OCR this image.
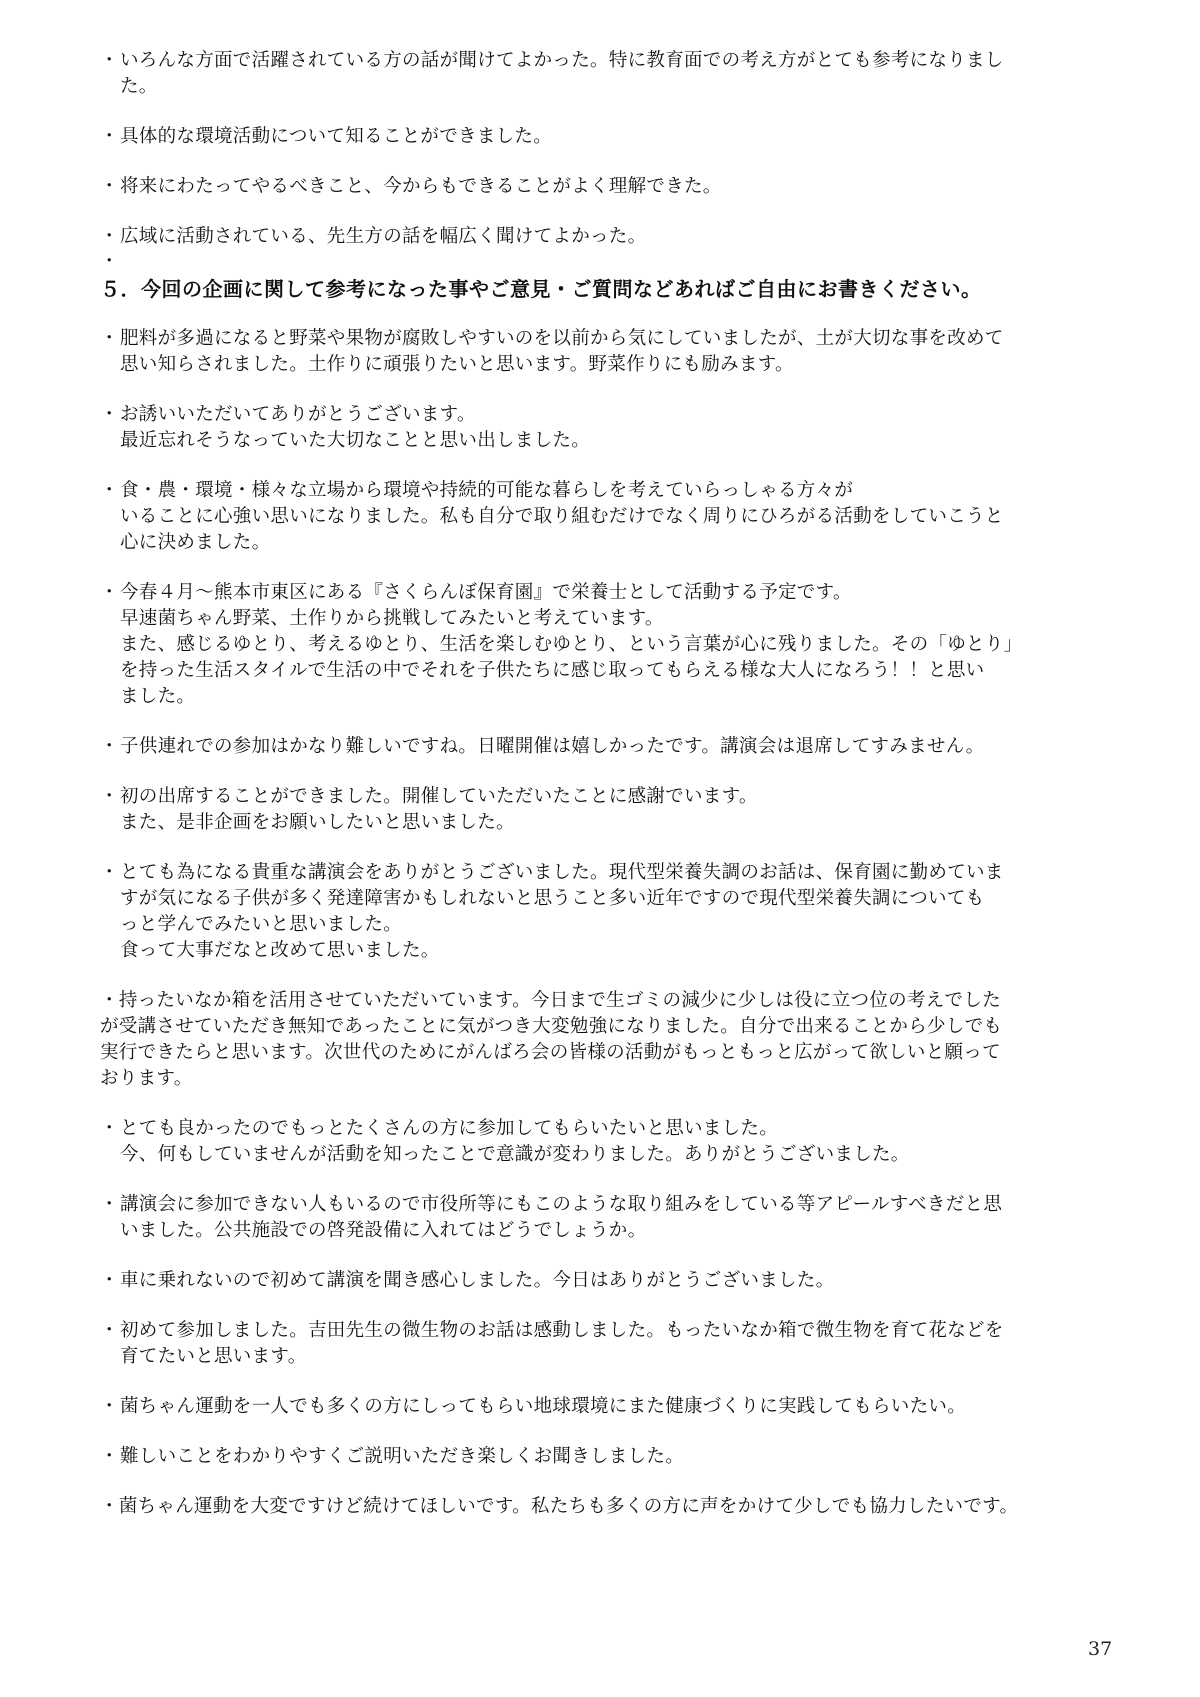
・ いろんな方面で活躍されている方の話が聞けてよかった。特に教育面での考え方がとても参考になりまし
た。
・ 具体的な環境活動について知ることができました。
・ 将来にわたってやるべきこと、今からもできることがよく理解できた。
・ 広域に活動されている、先生方の話を幅広く聞けてよかった。
・
５．今回の企画に関して参考になった事やご意見・ご質問などあればご自由にお書きください。
・ 肥料が多過になると野菜や果物が腐敗しやすいのを以前から気にしていましたが、土が大切な事を改めて
思い知らされました。土作りに頑張りたいと思います。野菜作りにも励みます。
・ お誘いいただいてありがとうございます。
最近忘れそうなっていた大切なことと思い出しました。
・ 食・農・環境・様々な立場から環境や持続的可能な暮らしを考えていらっしゃる方々が
いることに心強い思いになりました。私も自分で取り組むだけでなく周りにひろがる活動をしていこうと
心に決めました。
・ 今春４月～熊本市東区にある『さくらんぼ保育園』で栄養士として活動する予定です。
早速菌ちゃん野菜、土作りから挑戦してみたいと考えています。
また、感じるゆとり、考えるゆとり、生活を楽しむゆとり、という言葉が心に残りました。その「ゆとり」
を持った生活スタイルで生活の中でそれを子供たちに感じ取ってもらえる様な大人になろう！！と思い
ました。
・ 子供連れでの参加はかなり難しいですね。日曜開催は嬉しかったです。講演会は退席してすみません。
・ 初の出席することができました。開催していただいたことに感謝でいます。
また、是非企画をお願いしたいと思いました。
・ とても為になる貴重な講演会をありがとうございました。現代型栄養失調のお話は、保育園に勤めていま
すが気になる子供が多く発達障害かもしれないと思うこと多い近年ですので現代型栄養失調についても
っと学んでみたいと思いました。
食って大事だなと改めて思いました。
・持ったいなか箱を活用させていただいています。今日まで生ゴミの減少に少しは役に立つ位の考えでした

が受講させていただき無知であったことに気がつき大変勉強になりました。自分で出来ることから少しでも
実行できたらと思います。次世代のためにがんばろ会の皆様の活動がもっともっと広がって欲しいと願って
おります。
・ とても良かったのでもっとたくさんの方に参加してもらいたいと思いました。
今、何もしていませんが活動を知ったことで意識が変わりました。ありがとうございました。
・ 講演会に参加できない人もいるので市役所等にもこのような取り組みをしている等アピールすべきだと思
いました。公共施設での啓発設備に入れてはどうでしょうか。
・ 車に乗れないので初めて講演を聞き感心しました。今日はありがとうございました。
・ 初めて参加しました。吉田先生の微生物のお話は感動しました。もったいなか箱で微生物を育て花などを
育てたいと思います。
・ 菌ちゃん運動を一人でも多くの方にしってもらい地球環境にまた健康づくりに実践してもらいたい。
・ 難しいことをわかりやすくご説明いただき楽しくお聞きしました。
・菌ちゃん運動を大変ですけど続けてほしいです。私たちも多くの方に声をかけて少しでも協力したいです。

37
